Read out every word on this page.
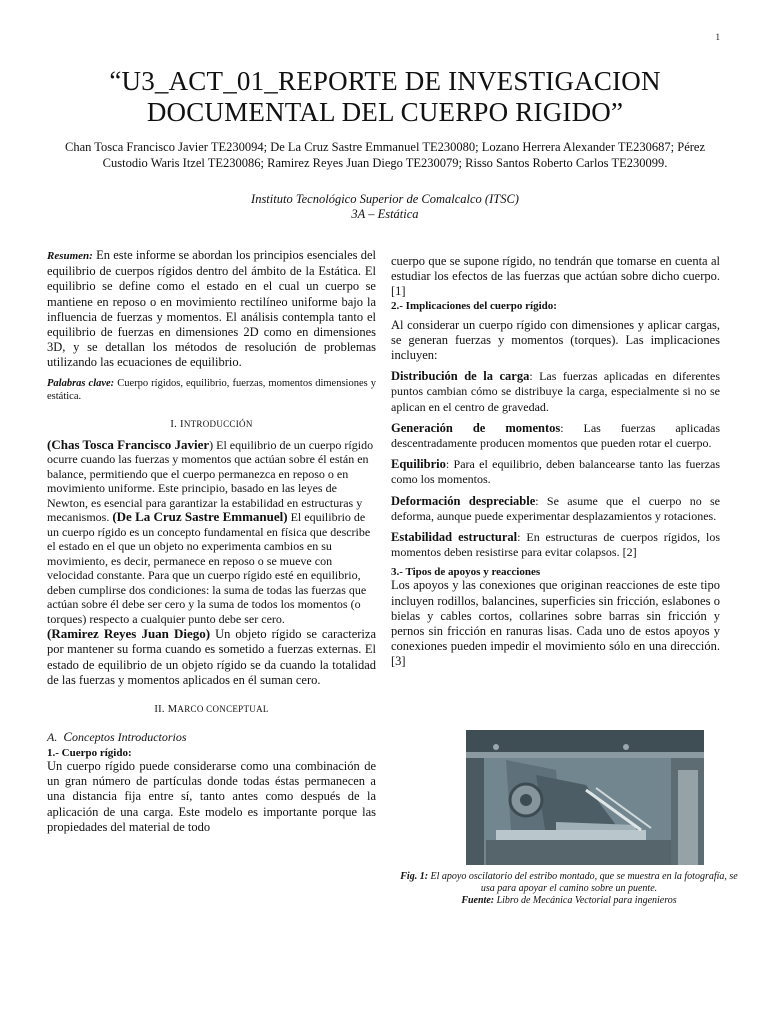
1
“U3_ACT_01_REPORTE DE INVESTIGACION DOCUMENTAL DEL CUERPO RIGIDO”
Chan Tosca Francisco Javier TE230094; De La Cruz Sastre Emmanuel TE230080; Lozano Herrera Alexander TE230687; Pérez Custodio Waris Itzel TE230086; Ramirez Reyes Juan Diego TE230079; Risso Santos Roberto Carlos TE230099.
Instituto Tecnológico Superior de Comalcalco (ITSC)
3A – Estática

Resumen: En este informe se abordan los principios esenciales del equilibrio de cuerpos rígidos dentro del ámbito de la Estática. El equilibrio se define como el estado en el cual un cuerpo se mantiene en reposo o en movimiento rectilíneo uniforme bajo la influencia de fuerzas y momentos. El análisis contempla tanto el equilibrio de fuerzas en dimensiones 2D como en dimensiones 3D, y se detallan los métodos de resolución de problemas utilizando las ecuaciones de equilibrio.

Palabras clave: Cuerpo rígidos, equilibrio, fuerzas, momentos dimensiones y estática.

I. INTRODUCCIÓN

(Chas Tosca Francisco Javier) El equilibrio de un cuerpo rígido ocurre cuando las fuerzas y momentos que actúan sobre él están en balance, permitiendo que el cuerpo permanezca en reposo o en movimiento uniforme. Este principio, basado en las leyes de Newton, es esencial para garantizar la estabilidad en estructuras y mecanismos. (De La Cruz Sastre Emmanuel) El equilibrio de un cuerpo rígido es un concepto fundamental en física que describe el estado en el que un objeto no experimenta cambios en su movimiento, es decir, permanece en reposo o se mueve con velocidad constante. Para que un cuerpo rígido esté en equilibrio, deben cumplirse dos condiciones: la suma de todas las fuerzas que actúan sobre él debe ser cero y la suma de todos los momentos (o torques) respecto a cualquier punto debe ser cero.

(Ramirez Reyes Juan Diego) Un objeto rígido se caracteriza por mantener su forma cuando es sometido a fuerzas externas. El estado de equilibrio de un objeto rígido se da cuando la totalidad de las fuerzas y momentos aplicados en él suman cero.

II. MARCO CONCEPTUAL

A. Conceptos Introductorios

1.- Cuerpo rígido:

Un cuerpo rígido puede considerarse como una combinación de un gran número de partículas donde todas éstas permanecen a una distancia fija entre sí, tanto antes como después de la aplicación de una carga. Este modelo es importante porque las propiedades del material de todo

cuerpo que se supone rígido, no tendrán que tomarse en cuenta al estudiar los efectos de las fuerzas que actúan sobre dicho cuerpo. [1]

2.- Implicaciones del cuerpo rígido:

Al considerar un cuerpo rígido con dimensiones y aplicar cargas, se generan fuerzas y momentos (torques). Las implicaciones incluyen:

Distribución de la carga: Las fuerzas aplicadas en diferentes puntos cambian cómo se distribuye la carga, especialmente si no se aplican en el centro de gravedad.

Generación de momentos: Las fuerzas aplicadas descentradamente producen momentos que pueden rotar el cuerpo.

Equilibrio: Para el equilibrio, deben balancearse tanto las fuerzas como los momentos.

Deformación despreciable: Se asume que el cuerpo no se deforma, aunque puede experimentar desplazamientos y rotaciones.

Estabilidad estructural: En estructuras de cuerpos rígidos, los momentos deben resistirse para evitar colapsos. [2]

3.- Tipos de apoyos y reacciones

Los apoyos y las conexiones que originan reacciones de este tipo incluyen rodillos, balancines, superficies sin fricción, eslabones o bielas y cables cortos, collarines sobre barras sin fricción y pernos sin fricción en ranuras lisas. Cada uno de estos apoyos y conexiones pueden impedir el movimiento sólo en una dirección. [3]

Fig. 1: El apoyo oscilatorio del estribo montado, que se muestra en la fotografía, se usa para apoyar el camino sobre un puente.
Fuente: Libro de Mecánica Vectorial para ingenieros
